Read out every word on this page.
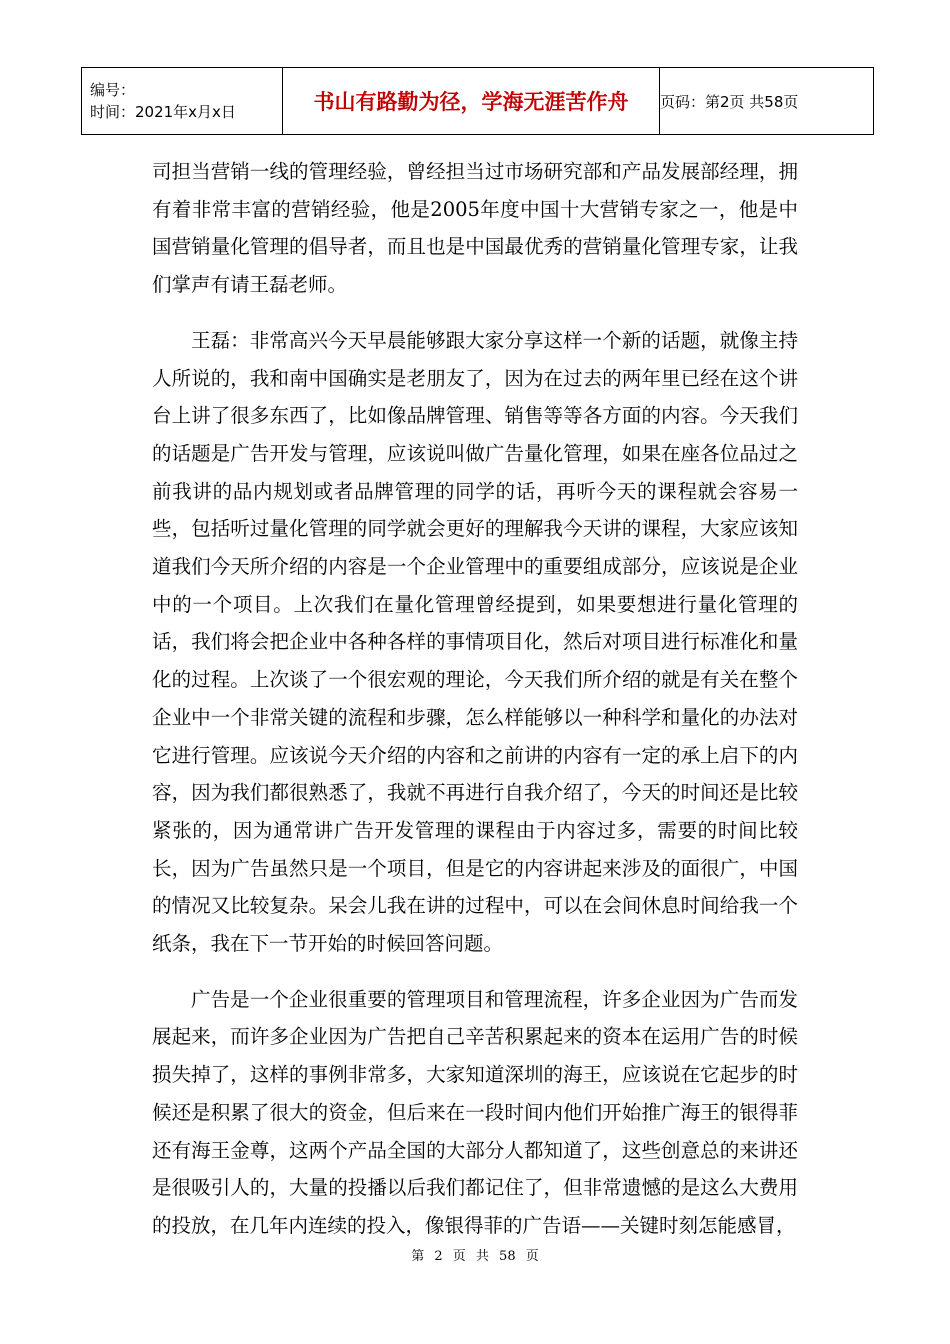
编号：
时间：2021年x月x日	书山有路勤为径，学海无涯苦作舟	页码：第2页 共58页

司担当营销一线的管理经验，曾经担当过市场研究部和产品发展部经理，拥有着非常丰富的营销经验，他是2005年度中国十大营销专家之一，他是中国营销量化管理的倡导者，而且也是中国最优秀的营销量化管理专家，让我们掌声有请王磊老师。

王磊：非常高兴今天早晨能够跟大家分享这样一个新的话题，就像主持人所说的，我和南中国确实是老朋友了，因为在过去的两年里已经在这个讲台上讲了很多东西了，比如像品牌管理、销售等等各方面的内容。今天我们的话题是广告开发与管理，应该说叫做广告量化管理，如果在座各位品过之前我讲的品内规划或者品牌管理的同学的话，再听今天的课程就会容易一些，包括听过量化管理的同学就会更好的理解我今天讲的课程，大家应该知道我们今天所介绍的内容是一个企业管理中的重要组成部分，应该说是企业中的一个项目。上次我们在量化管理曾经提到，如果要想进行量化管理的话，我们将会把企业中各种各样的事情项目化，然后对项目进行标准化和量化的过程。上次谈了一个很宏观的理论，今天我们所介绍的就是有关在整个企业中一个非常关键的流程和步骤，怎么样能够以一种科学和量化的办法对它进行管理。应该说今天介绍的内容和之前讲的内容有一定的承上启下的内容，因为我们都很熟悉了，我就不再进行自我介绍了，今天的时间还是比较紧张的，因为通常讲广告开发管理的课程由于内容过多，需要的时间比较长，因为广告虽然只是一个项目，但是它的内容讲起来涉及的面很广，中国的情况又比较复杂。呆会儿我在讲的过程中，可以在会间休息时间给我一个纸条，我在下一节开始的时候回答问题。

广告是一个企业很重要的管理项目和管理流程，许多企业因为广告而发展起来，而许多企业因为广告把自己辛苦积累起来的资本在运用广告的时候损失掉了，这样的事例非常多，大家知道深圳的海王，应该说在它起步的时候还是积累了很大的资金，但后来在一段时间内他们开始推广海王的银得菲还有海王金尊，这两个产品全国的大部分人都知道了，这些创意总的来讲还是很吸引人的，大量的投播以后我们都记住了，但非常遗憾的是这么大费用的投放，在几年内连续的投入，像银得菲的广告语——关键时刻怎能感冒，

第 2 页 共 58 页
